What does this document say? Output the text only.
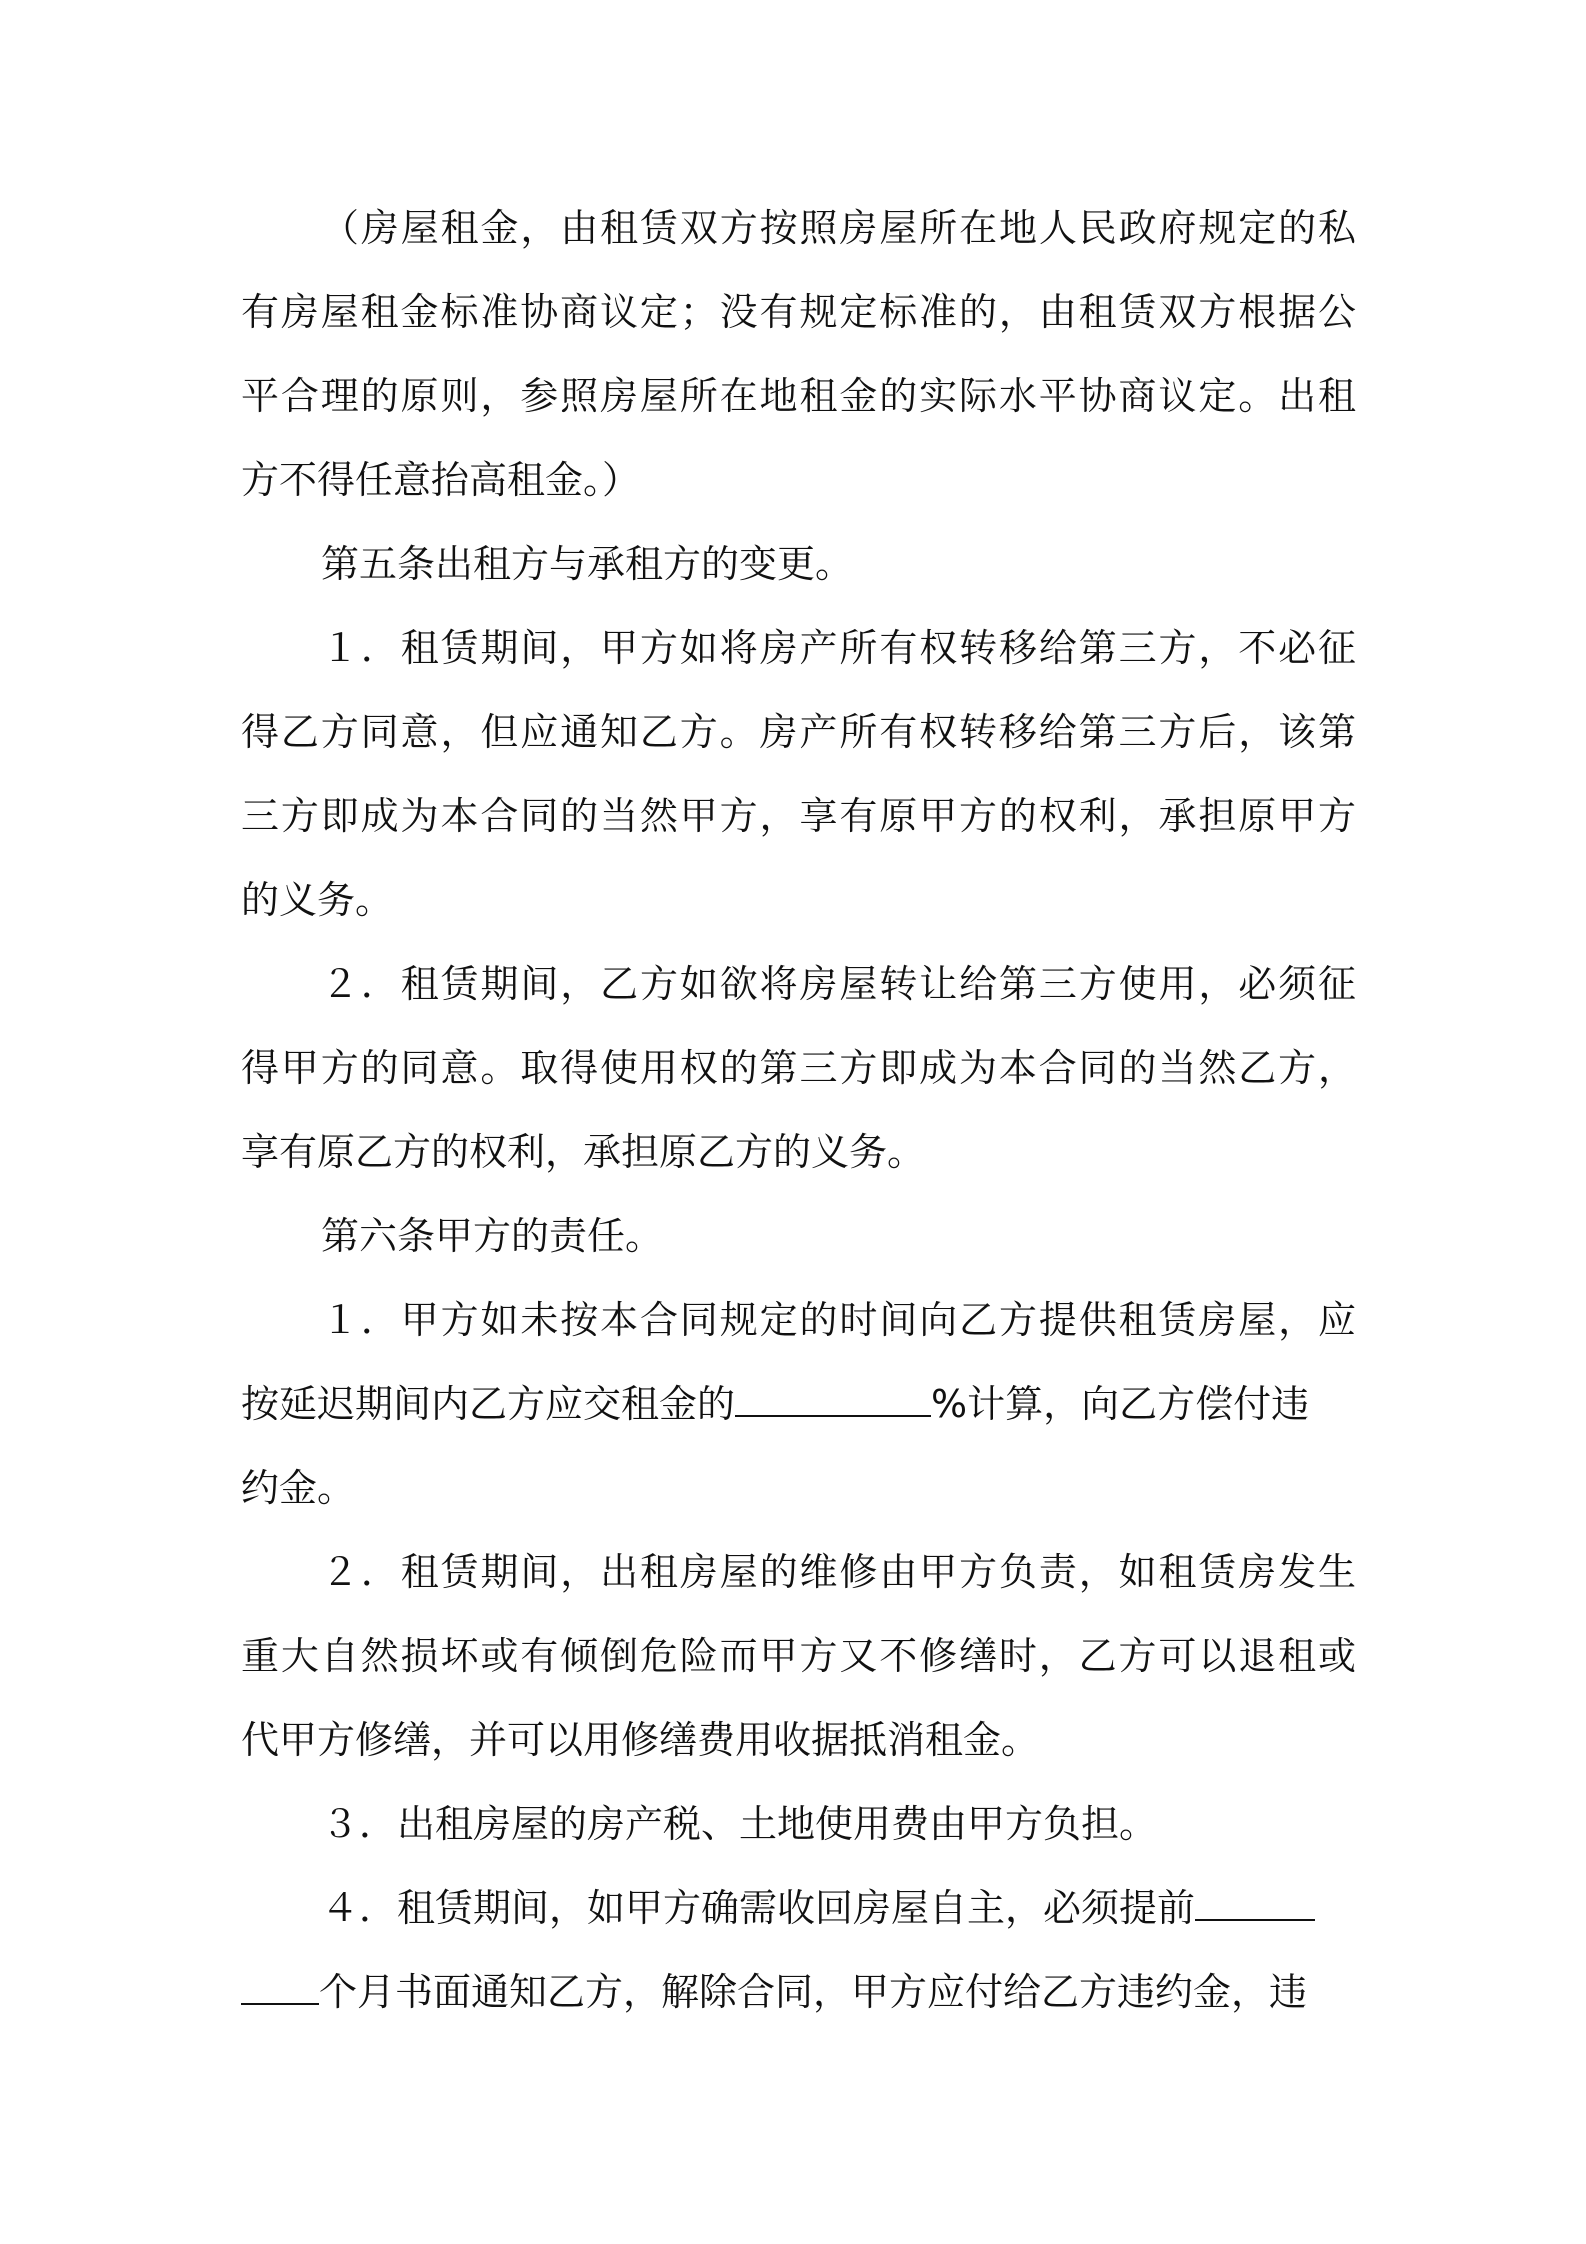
（房屋租金，由租赁双方按照房屋所在地人民政府规定的私
有房屋租金标准协商议定；没有规定标准的，由租赁双方根据公
平合理的原则，参照房屋所在地租金的实际水平协商议定。出租
方不得任意抬高租金。）
第五条出租方与承租方的变更。
１．租赁期间，甲方如将房产所有权转移给第三方，不必征
得乙方同意，但应通知乙方。房产所有权转移给第三方后，该第
三方即成为本合同的当然甲方，享有原甲方的权利，承担原甲方
的义务。
２．租赁期间，乙方如欲将房屋转让给第三方使用，必须征
得甲方的同意。取得使用权的第三方即成为本合同的当然乙方，
享有原乙方的权利，承担原乙方的义务。
第六条甲方的责任。
１．甲方如未按本合同规定的时间向乙方提供租赁房屋，应
按延迟期间内乙方应交租金的	%计算，向乙方偿付违
约金。
２．租赁期间，出租房屋的维修由甲方负责，如租赁房发生
重大自然损坏或有倾倒危险而甲方又不修缮时，乙方可以退租或
代甲方修缮，并可以用修缮费用收据抵消租金。
３．出租房屋的房产税、土地使用费由甲方负担。
４．租赁期间，如甲方确需收回房屋自主，必须提前
个月书面通知乙方，解除合同，甲方应付给乙方违约金，违
